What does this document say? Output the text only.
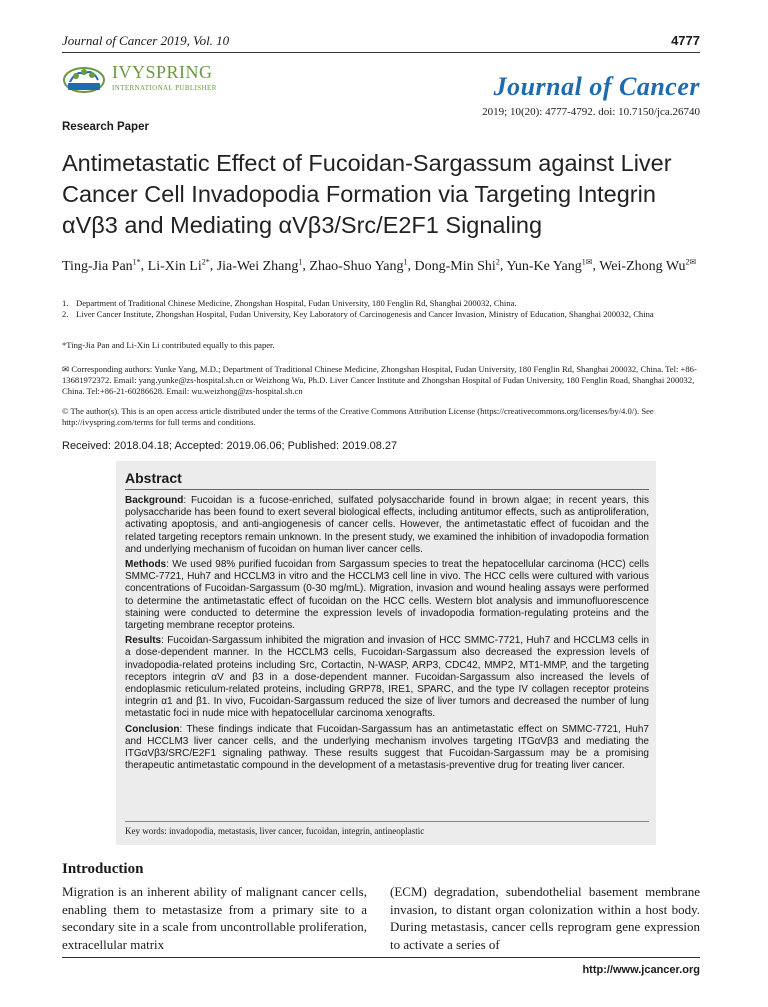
Journal of Cancer 2019, Vol. 10	4777
IVYSPRING
INTERNATIONAL PUBLISHER	Journal of Cancer
2019; 10(20): 4777-4792. doi: 10.7150/jca.26740
Research Paper
Antimetastatic Effect of Fucoidan-Sargassum against Liver Cancer Cell Invadopodia Formation via Targeting Integrin αVβ3 and Mediating αVβ3/Src/E2F1 Signaling
Ting-Jia Pan$^{1*}$, Li-Xin $Li^{2*}$, Jia-Wei Zhang$^1$, Zhao-Shuo Yang$^1$, Dong-Min Shi$^2$, Yun-Ke Yang$^{1✉}$, Wei-Zhong $Wu^{2✉}$
1. Department of Traditional Chinese Medicine, Zhongshan Hospital, Fudan University, 180 Fenglin Rd, Shanghai 200032, China.
2. Liver Cancer Institute, Zhongshan Hospital, Fudan University, Key Laboratory of Carcinogenesis and Cancer Invasion, Ministry of Education, Shanghai 200032, China
*Ting-Jia Pan and Li-Xin Li contributed equally to this paper.
✉ Corresponding authors: Yunke Yang, M.D.; Department of Traditional Chinese Medicine, Zhongshan Hospital, Fudan University, 180 Fenglin Rd, Shanghai 200032, China. Tel: +86-13681972372. Email: yang.yunke@zs-hospital.sh.cn or Weizhong Wu, Ph.D. Liver Cancer Institute and Zhongshan Hospital of Fudan University, 180 Fenglin Road, Shanghai 200032, China. Tel:+86-21-60286628. Email: wu.weizhong@zs-hospital.sh.cn
© The author(s). This is an open access article distributed under the terms of the Creative Commons Attribution License (https://creativecommons.org/licenses/by/4.0/). See http://ivyspring.com/terms for full terms and conditions.
Received: 2018.04.18; Accepted: 2019.06.06; Published: 2019.08.27
Abstract

Background: Fucoidan is a fucose-enriched, sulfated polysaccharide found in brown algae; in recent years, this polysaccharide has been found to exert several biological effects, including antitumor effects, such as antiproliferation, activating apoptosis, and anti-angiogenesis of cancer cells. However, the antimetastatic effect of fucoidan and the related targeting receptors remain unknown. In the present study, we examined the inhibition of invadopodia formation and underlying mechanism of fucoidan on human liver cancer cells.

Methods: We used 98% purified fucoidan from Sargassum species to treat the hepatocellular carcinoma (HCC) cells SMMC-7721, Huh7 and HCCLM3 in vitro and the HCCLM3 cell line in vivo. The HCC cells were cultured with various concentrations of Fucoidan-Sargassum (0-30 mg/mL). Migration, invasion and wound healing assays were performed to determine the antimetastatic effect of fucoidan on the HCC cells. Western blot analysis and immunofluorescence staining were conducted to determine the expression levels of invadopodia formation-regulating proteins and the targeting membrane receptor proteins.

Results: Fucoidan-Sargassum inhibited the migration and invasion of HCC SMMC-7721, Huh7 and HCCLM3 cells in a dose-dependent manner. In the HCCLM3 cells, Fucoidan-Sargassum also decreased the expression levels of invadopodia-related proteins including Src, Cortactin, N-WASP, ARP3, CDC42, MMP2, MT1-MMP, and the targeting receptors integrin αV and β3 in a dose-dependent manner. Fucoidan-Sargassum also increased the levels of endoplasmic reticulum-related proteins, including GRP78, IRE1, SPARC, and the type IV collagen receptor proteins integrin α1 and β1. In vivo, Fucoidan-Sargassum reduced the size of liver tumors and decreased the number of lung metastatic foci in nude mice with hepatocellular carcinoma xenografts.

Conclusion: These findings indicate that Fucoidan-Sargassum has an antimetastatic effect on SMMC-7721, Huh7 and HCCLM3 liver cancer cells, and the underlying mechanism involves targeting ITGαVβ3 and mediating the ITGαVβ3/SRC/E2F1 signaling pathway. These results suggest that Fucoidan-Sargassum may be a promising therapeutic antimetastatic compound in the development of a metastasis-preventive drug for treating liver cancer.

Key words: invadopodia, metastasis, liver cancer, fucoidan, integrin, antineoplastic
Introduction
Migration is an inherent ability of malignant cancer cells, enabling them to metastasize from a primary site to a secondary site in a scale from uncontrollable proliferation, extracellular matrix
(ECM) degradation, subendothelial basement membrane invasion, to distant organ colonization within a host body. During metastasis, cancer cells reprogram gene expression to activate a series of
http://www.jcancer.org
